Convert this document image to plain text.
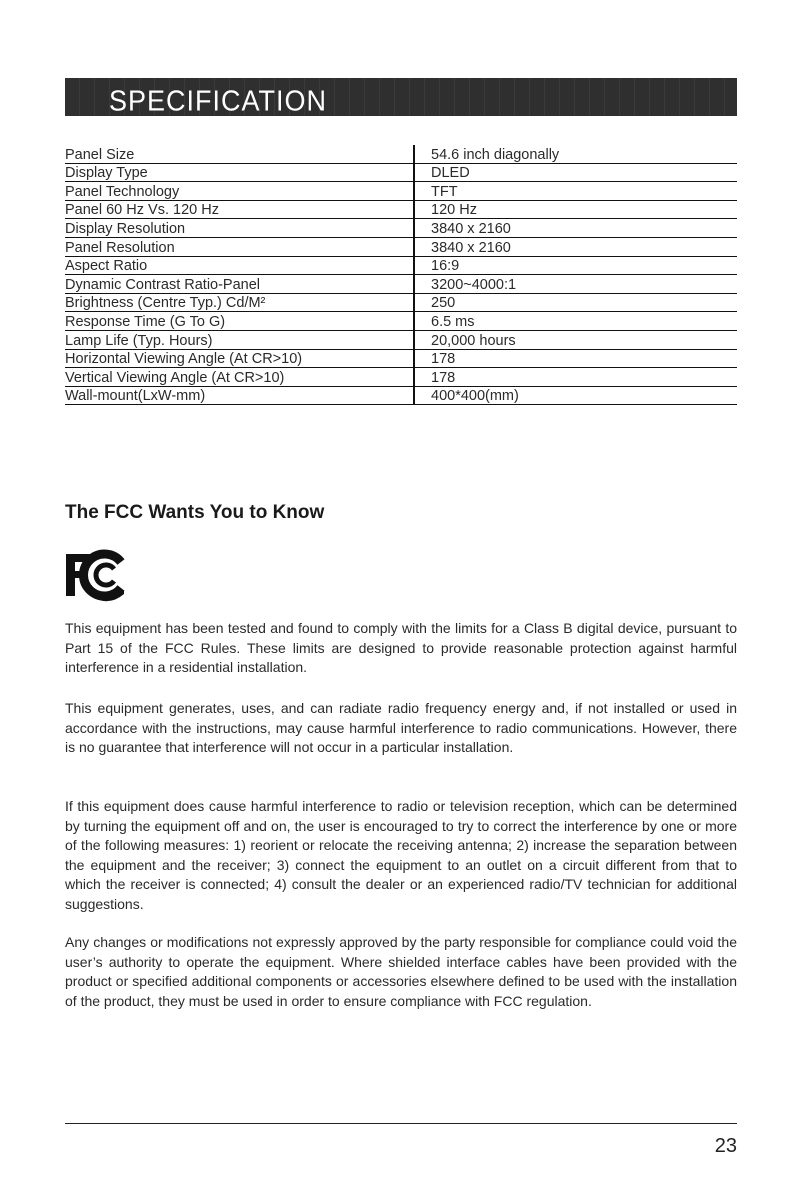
SPECIFICATION
Panel Size	54.6 inch diagonally
Display Type	DLED
Panel Technology	TFT
Panel 60 Hz Vs. 120 Hz	120 Hz
Display Resolution	3840 x 2160
Panel Resolution	3840 x 2160
Aspect Ratio	16:9
Dynamic Contrast Ratio-Panel	3200~4000:1
Brightness (Centre Typ.) Cd/M²	250
Response Time (G To G)	6.5 ms
Lamp Life (Typ. Hours)	20,000 hours
Horizontal Viewing Angle (At CR>10)	178
Vertical Viewing Angle (At CR>10)	178
Wall-mount(LxW-mm)	400*400(mm)
The FCC Wants You to Know

This equipment has been tested and found to comply with the limits for a Class B digital device, pursuant to Part 15 of the FCC Rules. These limits are designed to provide reasonable protection against harmful interference in a residential installation.

This equipment generates, uses, and can radiate radio frequency energy and, if not installed or used in accordance with the instructions, may cause harmful interference to radio communications. However, there is no guarantee that interference will not occur in a particular installation.

If this equipment does cause harmful interference to radio or television reception, which can be determined by turning the equipment off and on, the user is encouraged to try to correct the interference by one or more of the following measures: 1) reorient or relocate the receiving antenna; 2) increase the separation between the equipment and the receiver; 3) connect the equipment to an outlet on a circuit different from that to which the receiver is connected; 4) consult the dealer or an experienced radio/TV technician for additional suggestions.

Any changes or modifications not expressly approved by the party responsible for compliance could void the user’s authority to operate the equipment. Where shielded interface cables have been provided with the product or specified additional components or accessories elsewhere defined to be used with the installation of the product, they must be used in order to ensure compliance with FCC regulation.

23
